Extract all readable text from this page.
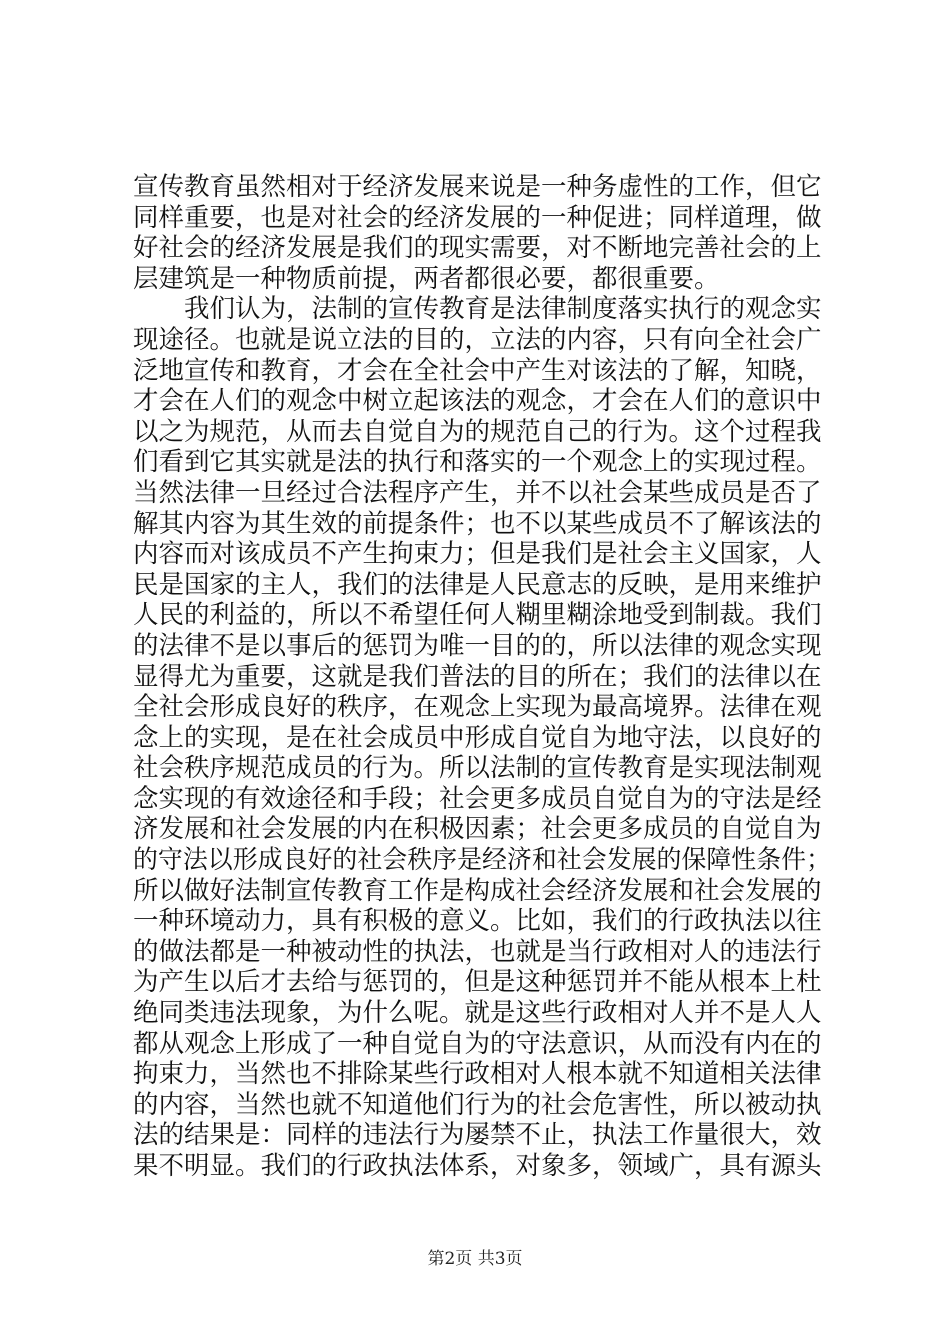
宣传教育虽然相对于经济发展来说是一种务虚性的工作，但它
同样重要，也是对社会的经济发展的一种促进；同样道理，做
好社会的经济发展是我们的现实需要，对不断地完善社会的上
层建筑是一种物质前提，两者都很必要，都很重要。
　　我们认为，法制的宣传教育是法律制度落实执行的观念实
现途径。也就是说立法的目的，立法的内容，只有向全社会广
泛地宣传和教育，才会在全社会中产生对该法的了解，知晓，
才会在人们的观念中树立起该法的观念，才会在人们的意识中
以之为规范，从而去自觉自为的规范自己的行为。这个过程我
们看到它其实就是法的执行和落实的一个观念上的实现过程。
当然法律一旦经过合法程序产生，并不以社会某些成员是否了
解其内容为其生效的前提条件；也不以某些成员不了解该法的
内容而对该成员不产生拘束力；但是我们是社会主义国家，人
民是国家的主人，我们的法律是人民意志的反映，是用来维护
人民的利益的，所以不希望任何人糊里糊涂地受到制裁。我们
的法律不是以事后的惩罚为唯一目的的，所以法律的观念实现
显得尤为重要，这就是我们普法的目的所在；我们的法律以在
全社会形成良好的秩序，在观念上实现为最高境界。法律在观
念上的实现，是在社会成员中形成自觉自为地守法，以良好的
社会秩序规范成员的行为。所以法制的宣传教育是实现法制观
念实现的有效途径和手段；社会更多成员自觉自为的守法是经
济发展和社会发展的内在积极因素；社会更多成员的自觉自为
的守法以形成良好的社会秩序是经济和社会发展的保障性条件；
所以做好法制宣传教育工作是构成社会经济发展和社会发展的
一种环境动力，具有积极的意义。比如，我们的行政执法以往
的做法都是一种被动性的执法，也就是当行政相对人的违法行
为产生以后才去给与惩罚的，但是这种惩罚并不能从根本上杜
绝同类违法现象，为什么呢。就是这些行政相对人并不是人人
都从观念上形成了一种自觉自为的守法意识，从而没有内在的
拘束力，当然也不排除某些行政相对人根本就不知道相关法律
的内容，当然也就不知道他们行为的社会危害性，所以被动执
法的结果是：同样的违法行为屡禁不止，执法工作量很大，效
果不明显。我们的行政执法体系，对象多，领域广，具有源头
第2页 共3页
